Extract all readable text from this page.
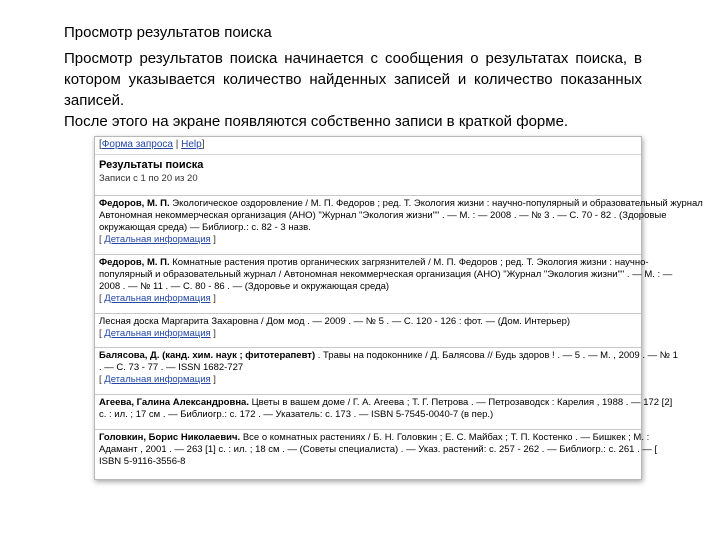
Просмотр результатов поиска
Просмотр результатов поиска начинается с сообщения о результатах поиска, в котором указывается количество найденных записей и количество показанных записей.
После этого на экране появляются собственно записи в краткой форме.
[Форма запроса | Help]
Результаты поиска
Записи с 1 по 20 из 20
Федоров, М. П. Экологическое оздоровление / М. П. Федоров ; ред. Т. Экология жизни : научно-популярный и образовательный журнал
Автономная некоммерческая организация (АНО) "Журнал "Экология жизни"" . — М. : — 2008 . — № 3 . — С. 70 - 82 . (Здоровые
окружающая среда) — Библиогр.: с. 82 - 3 назв.
[ Детальная информация ]
Федоров, М. П. Комнатные растения против органических загрязнителей / М. П. Федоров ; ред. Т. Экология жизни : научно-
популярный и образовательный журнал / Автономная некоммерческая организация (АНО) "Журнал "Экология жизни"" . — М. : —
2008 . — № 11 . — С. 80 - 86 . — (Здоровье и окружающая среда)
[ Детальная информация ]
Лесная доска Маргарита Захаровна / Дом мод . — 2009 . — № 5 . — С. 120 - 126 : фот. — (Дом. Интерьер)
[ Детальная информация ]
Балясова, Д. (канд. хим. наук ; фитотерапевт) . Травы на подоконнике / Д. Балясова // Будь здоров ! . — 5 . — М. , 2009 . — № 1
. — С. 73 - 77 . — ISSN 1682-727
[ Детальная информация ]
Агеева, Галина Александровна. Цветы в вашем доме / Г. А. Агеева ; Т. Г. Петрова . — Петрозаводск : Карелия , 1988 . — 172 [2]
с. : ил. ; 17 см . — Библиогр.: с. 172 . — Указатель: с. 173 . — ISBN 5-7545-0040-7 (в пер.)
Головкин, Борис Николаевич. Все о комнатных растениях / Б. Н. Головкин ; Е. С. Майбах ; Т. П. Костенко . — Бишкек ; М. :
Адамант , 2001 . — 263 [1] с. : ил. ; 18 см . — (Советы специалиста) . — Указ. растений: с. 257 - 262 . — Библиогр.: с. 261 . — [
ISBN 5-9116-3556-8
